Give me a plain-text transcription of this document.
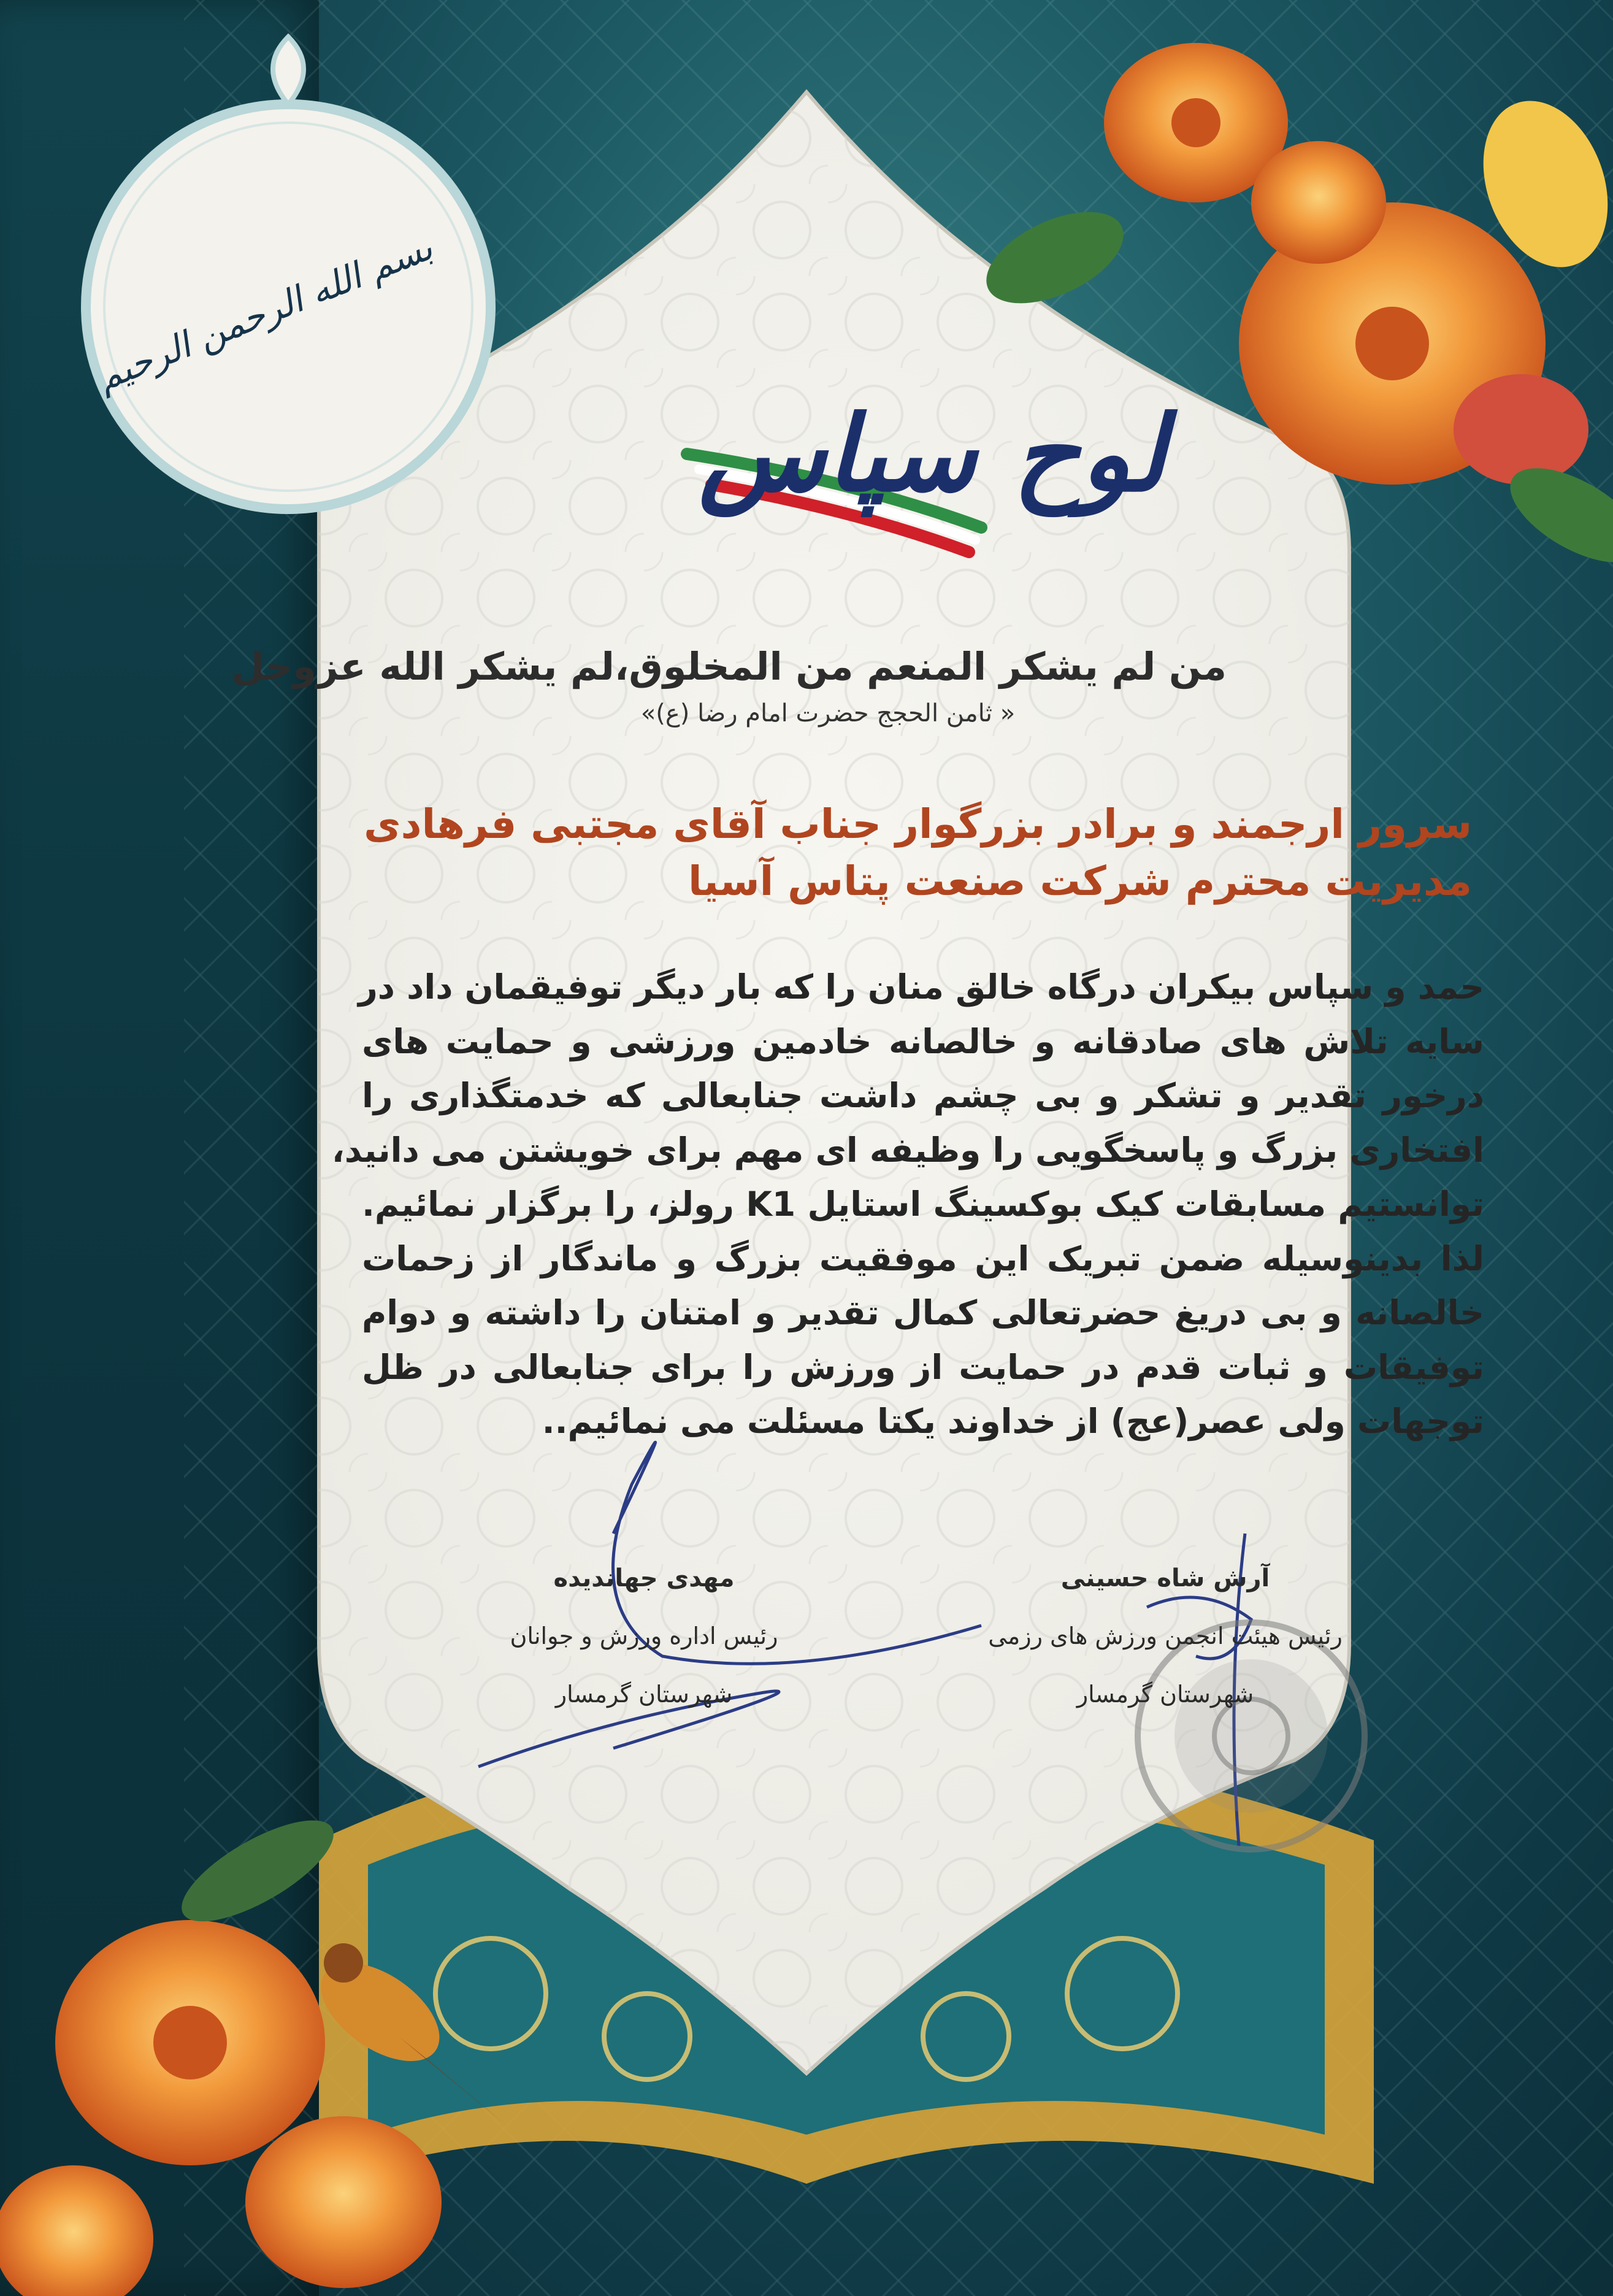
بسم الله الرحمن الرحیم
لوح سپاس
من لم یشکر المنعم من المخلوق،لم یشکر الله عزوجل
« ثامن الحجج حضرت امام رضا (ع)»
سرور ارجمند و برادر بزرگوار جناب آقای مجتبی فرهادی
مدیریت محترم شرکت صنعت پتاس آسیا
حمد و سپاس بیکران درگاه خالق منان را که بار دیگر توفیقمان داد در
سایه تلاش های صادقانه و خالصانه خادمین ورزشی و حمایت های
درخور تقدیر و تشکر و بی چشم داشت جنابعالی که خدمتگذاری را
افتخاری بزرگ و پاسخگویی را وظیفه ای مهم برای خویشتن می دانید،
توانستیم مسابقات کیک بوکسینگ استایل K1 رولز، را برگزار نمائیم.
لذا بدینوسیله ضمن تبریک این موفقیت بزرگ و ماندگار از زحمات
خالصانه و بی دریغ حضرتعالی کمال تقدیر و امتنان را داشته و دوام
توفیقات و ثبات قدم در حمایت از ورزش را برای جنابعالی در ظل
توجهات ولی عصر(عج) از خداوند یکتا مسئلت می نمائیم..
مهدی جهاندیده
رئیس اداره ورزش و جوانان
شهرستان گرمسار
آرش شاه حسینی
رئیس هیئت انجمن ورزش های رزمی
شهرستان گرمسار
